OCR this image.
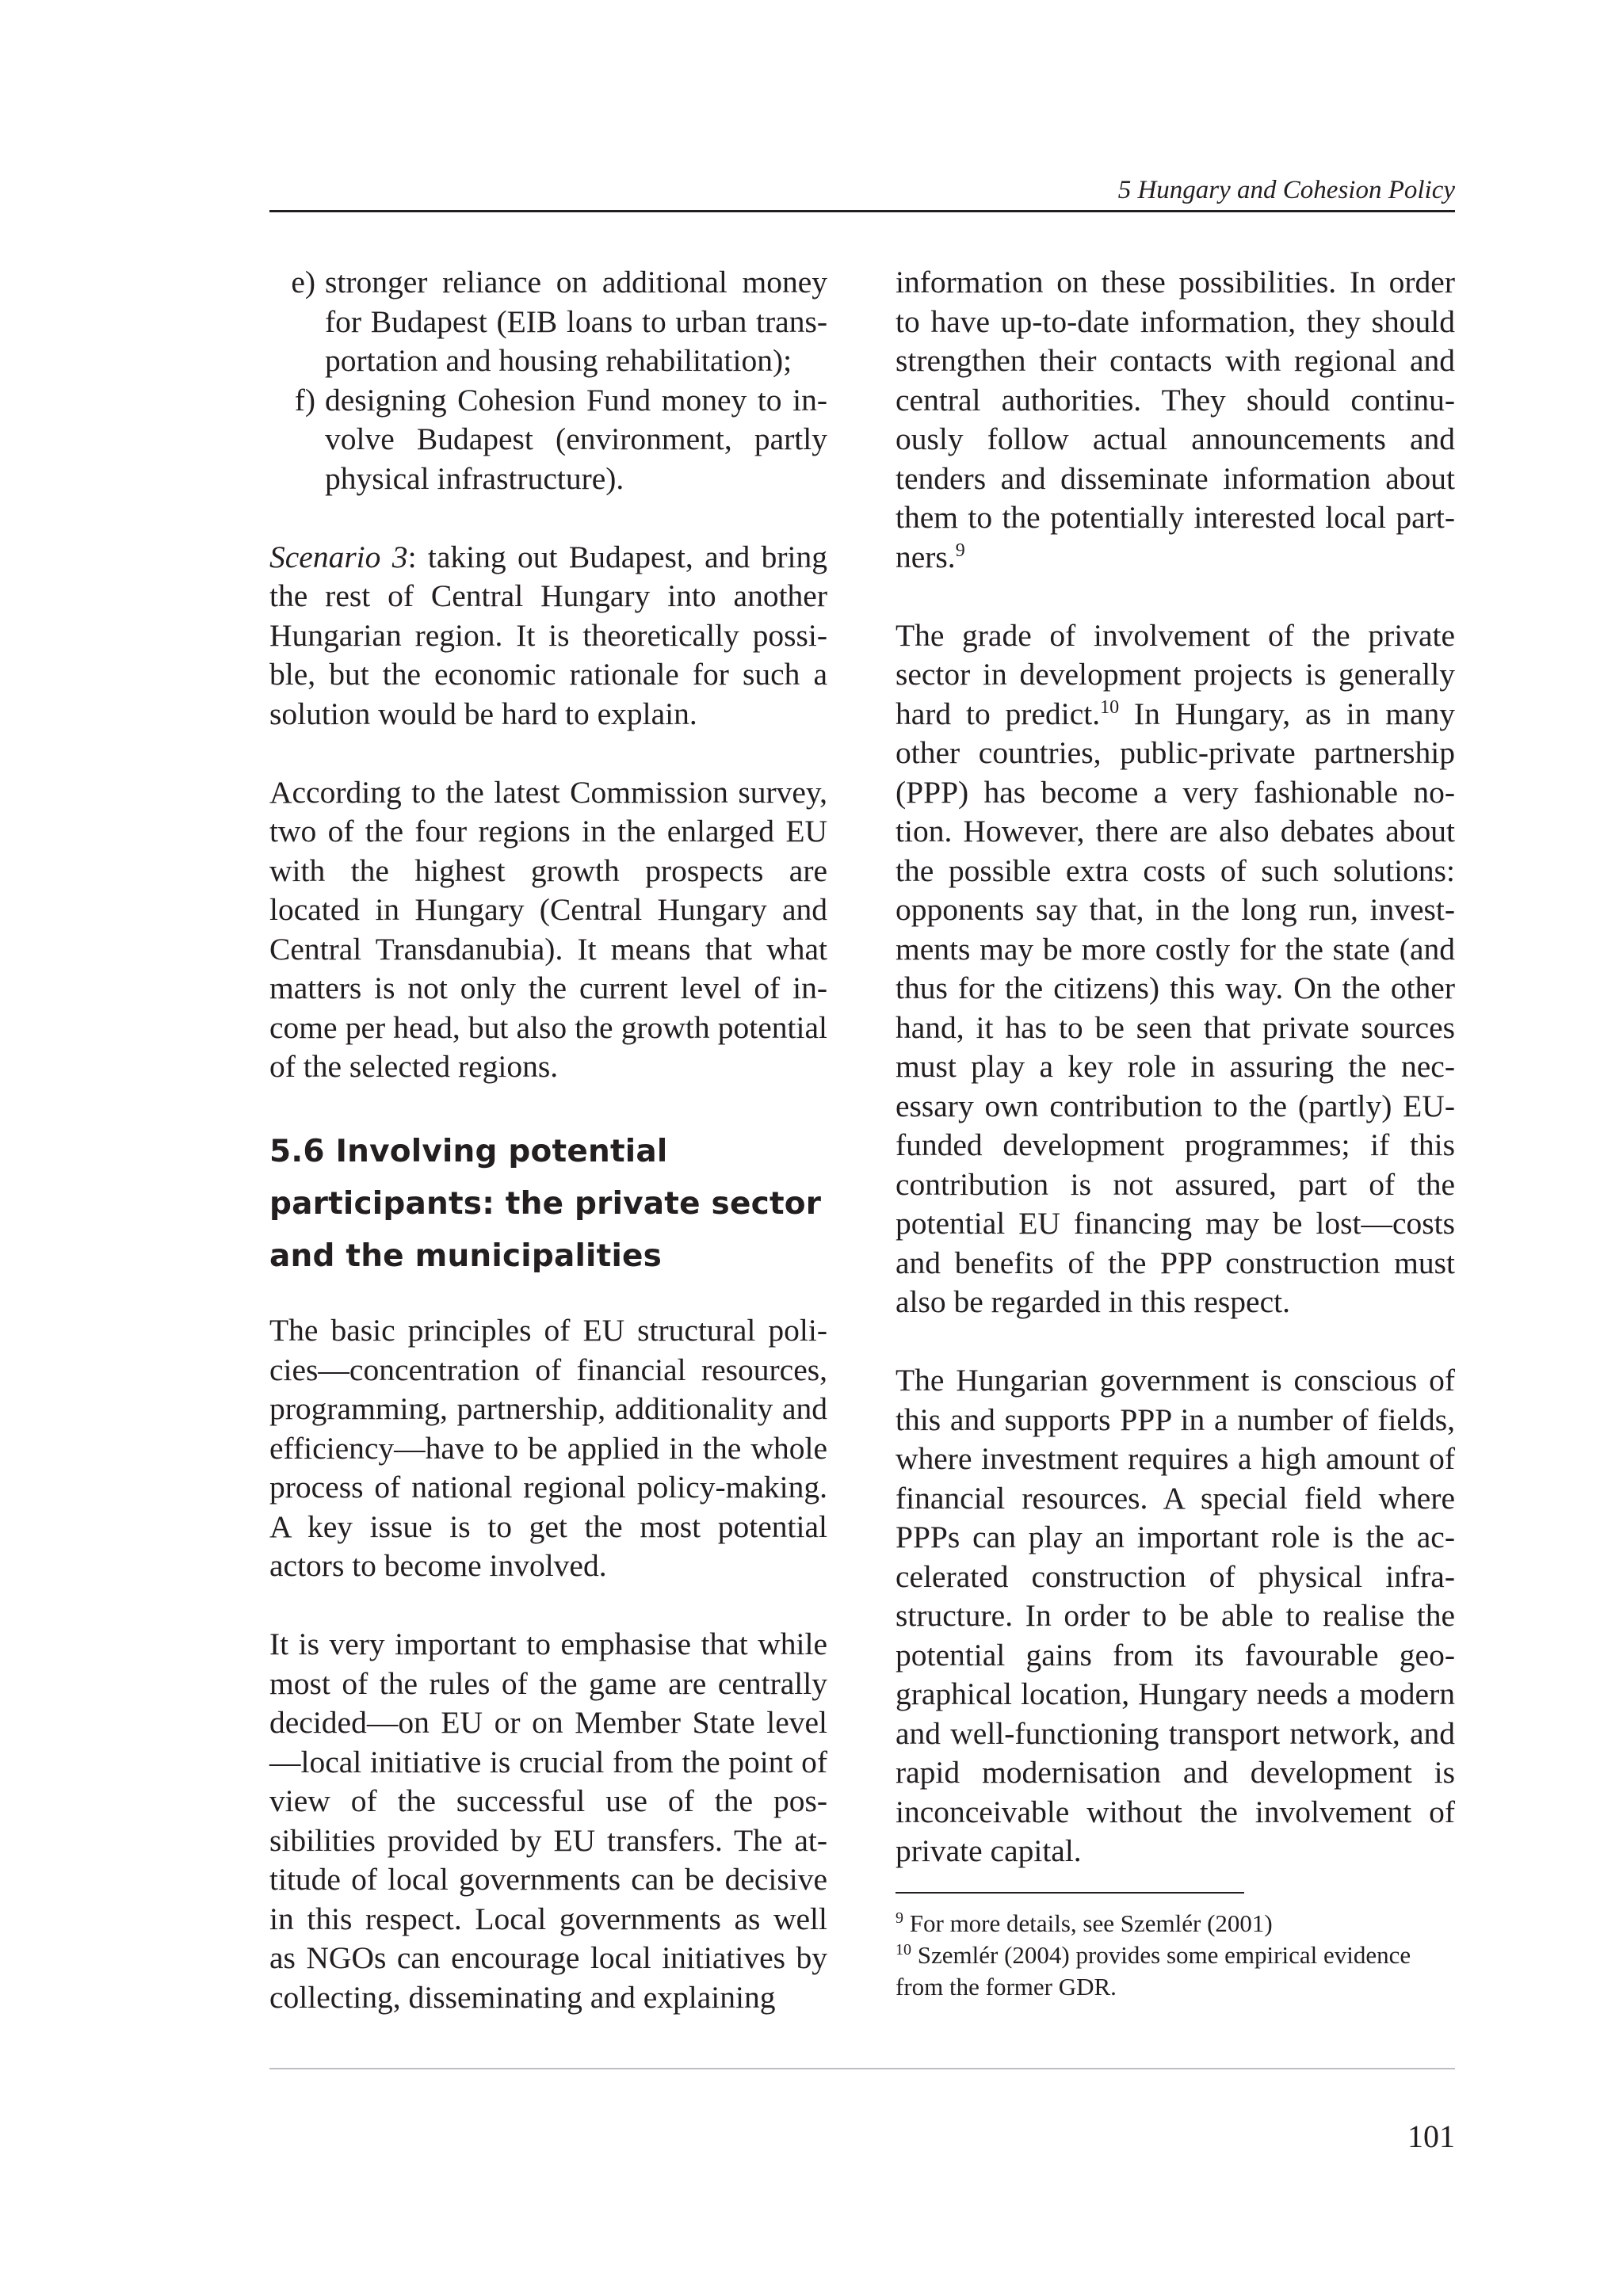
5 Hungary and Cohesion Policy
e) stronger reliance on additional money for Budapest (EIB loans to urban transportation and housing rehabilitation);
f) designing Cohesion Fund money to involve Budapest (environment, partly physical infrastructure).

Scenario 3: taking out Budapest, and bring the rest of Central Hungary into another Hungarian region. It is theoretically possible, but the economic rationale for such a solution would be hard to explain.

According to the latest Commission survey, two of the four regions in the enlarged EU with the highest growth prospects are located in Hungary (Central Hungary and Central Transdanubia). It means that what matters is not only the current level of income per head, but also the growth potential of the selected regions.

5.6 Involving potential
participants: the private sector
and the municipalities

The basic principles of EU structural policies—concentration of financial resources, programming, partnership, additionality and efficiency—have to be applied in the whole process of national regional policy-making. A key issue is to get the most potential actors to become involved.

It is very important to emphasise that while most of the rules of the game are centrally decided—on EU or on Member State level—local initiative is crucial from the point of view of the successful use of the possibilities provided by EU transfers. The attitude of local governments can be decisive in this respect. Local governments as well as NGOs can encourage local initiatives by collecting, disseminating and explaining

information on these possibilities. In order to have up-to-date information, they should strengthen their contacts with regional and central authorities. They should continuously follow actual announcements and tenders and disseminate information about them to the potentially interested local partners.$^9$

The grade of involvement of the private sector in development projects is generally hard to predict.$^{10}$ In Hungary, as in many other countries, public-private partnership (PPP) has become a very fashionable notion. However, there are also debates about the possible extra costs of such solutions: opponents say that, in the long run, investments may be more costly for the state (and thus for the citizens) this way. On the other hand, it has to be seen that private sources must play a key role in assuring the necessary own contribution to the (partly) EU-funded development programmes; if this contribution is not assured, part of the potential EU financing may be lost—costs and benefits of the PPP construction must also be regarded in this respect.

The Hungarian government is conscious of this and supports PPP in a number of fields, where investment requires a high amount of financial resources. A special field where PPPs can play an important role is the accelerated construction of physical infrastructure. In order to be able to realise the potential gains from its favourable geographical location, Hungary needs a modern and well-functioning transport network, and rapid modernisation and development is inconceivable without the involvement of private capital.

$^9$ For more details, see Szemlér (2001)

$^{10}$ Szemlér (2004) provides some empirical evidence from the former GDR.

101
